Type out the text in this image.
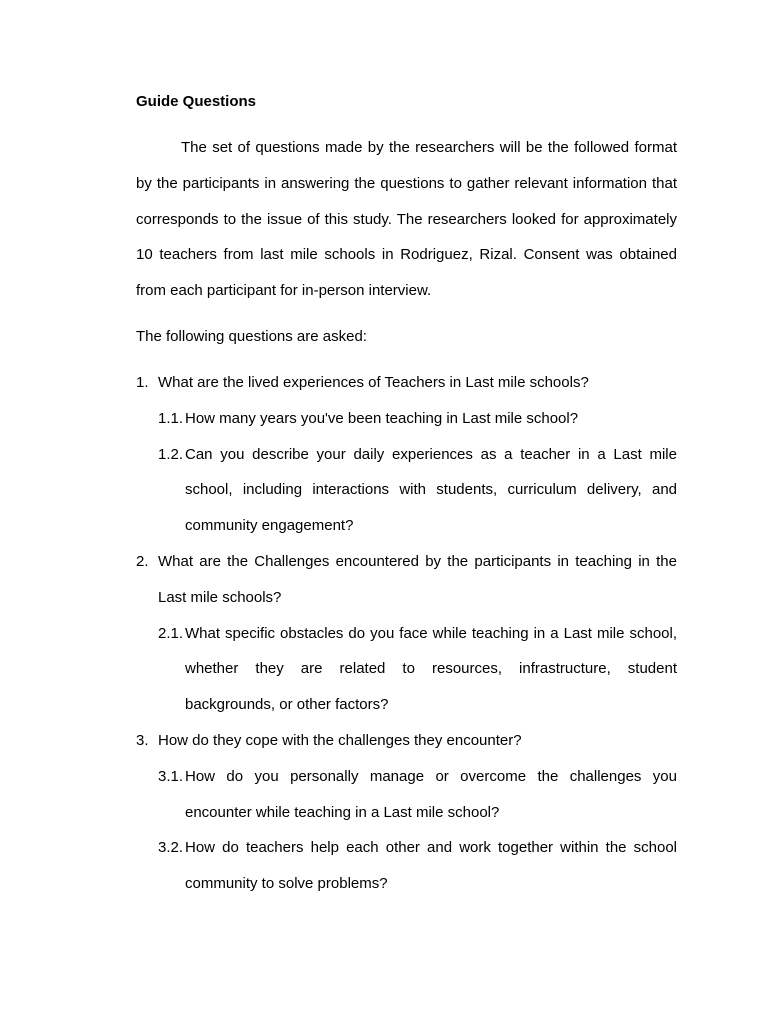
Guide Questions

The set of questions made by the researchers will be the followed format by the participants in answering the questions to gather relevant information that corresponds to the issue of this study. The researchers looked for approximately 10 teachers from last mile schools in Rodriguez, Rizal. Consent was obtained from each participant for in-person interview.

The following questions are asked:

1. What are the lived experiences of Teachers in Last mile schools?
1.1. How many years you've been teaching in Last mile school?
1.2. Can you describe your daily experiences as a teacher in a Last mile school, including interactions with students, curriculum delivery, and community engagement?
2. What are the Challenges encountered by the participants in teaching in the Last mile schools?
2.1. What specific obstacles do you face while teaching in a Last mile school, whether they are related to resources, infrastructure, student backgrounds, or other factors?
3. How do they cope with the challenges they encounter?
3.1. How do you personally manage or overcome the challenges you encounter while teaching in a Last mile school?
3.2. How do teachers help each other and work together within the school community to solve problems?
